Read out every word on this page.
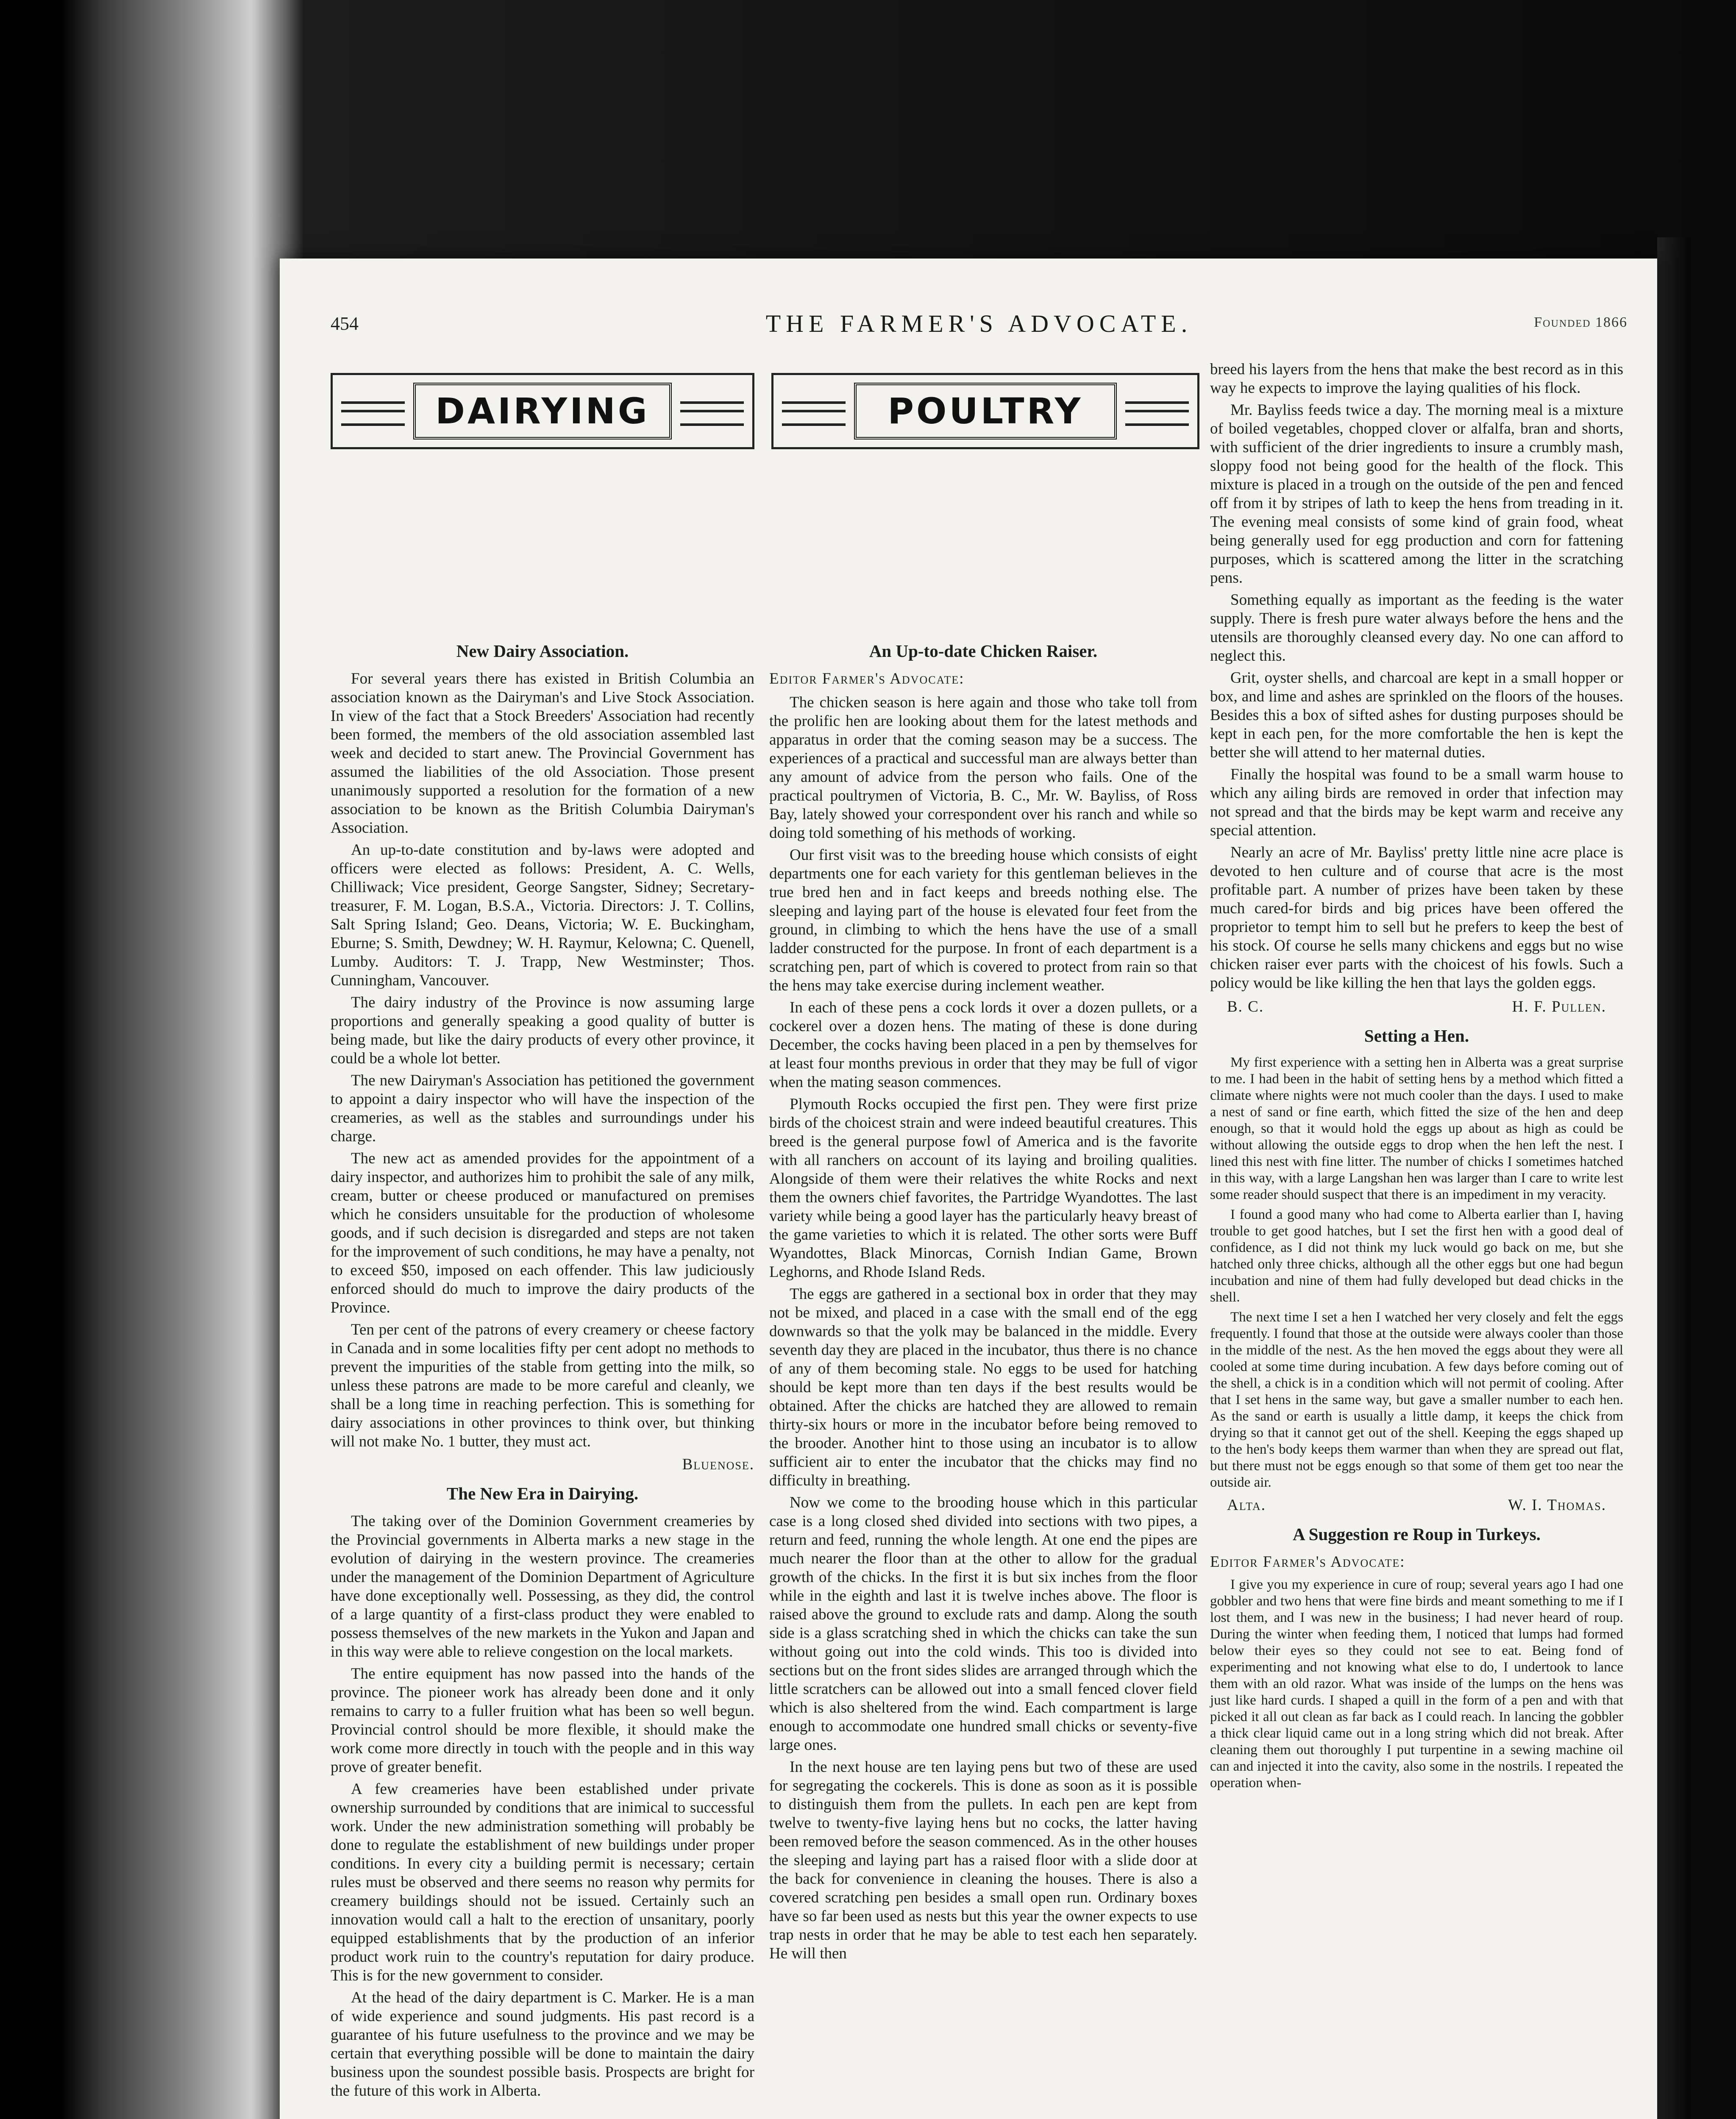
454	THE FARMER'S ADVOCATE.	Founded 1866
DAIRYING	POULTRY
New Dairy Association.

For several years there has existed in British Columbia an association known as the Dairyman's and Live Stock Association. In view of the fact that a Stock Breeders' Association had recently been formed, the members of the old association assembled last week and decided to start anew. The Provincial Government has assumed the liabilities of the old Association. Those present unanimously supported a resolution for the formation of a new association to be known as the British Columbia Dairyman's Association.

An up-to-date constitution and by-laws were adopted and officers were elected as follows: President, A. C. Wells, Chilliwack; Vice president, George Sangster, Sidney; Secretary-treasurer, F. M. Logan, B.S.A., Victoria. Directors: J. T. Collins, Salt Spring Island; Geo. Deans, Victoria; W. E. Buckingham, Eburne; S. Smith, Dewdney; W. H. Raymur, Kelowna; C. Quenell, Lumby. Auditors: T. J. Trapp, New Westminster; Thos. Cunningham, Vancouver.

The dairy industry of the Province is now assuming large proportions and generally speaking a good quality of butter is being made, but like the dairy products of every other province, it could be a whole lot better.

The new Dairyman's Association has petitioned the government to appoint a dairy inspector who will have the inspection of the creameries, as well as the stables and surroundings under his charge.

The new act as amended provides for the appointment of a dairy inspector, and authorizes him to prohibit the sale of any milk, cream, butter or cheese produced or manufactured on premises which he considers unsuitable for the production of wholesome goods, and if such decision is disregarded and steps are not taken for the improvement of such conditions, he may have a penalty, not to exceed $50, imposed on each offender. This law judiciously enforced should do much to improve the dairy products of the Province.

Ten per cent of the patrons of every creamery or cheese factory in Canada and in some localities fifty per cent adopt no methods to prevent the impurities of the stable from getting into the milk, so unless these patrons are made to be more careful and cleanly, we shall be a long time in reaching perfection. This is something for dairy associations in other provinces to think over, but thinking will not make No. 1 butter, they must act.

Bluenose.
The New Era in Dairying.

The taking over of the Dominion Government creameries by the Provincial governments in Alberta marks a new stage in the evolution of dairying in the western province. The creameries under the management of the Dominion Department of Agriculture have done exceptionally well. Possessing, as they did, the control of a large quantity of a first-class product they were enabled to possess themselves of the new markets in the Yukon and Japan and in this way were able to relieve congestion on the local markets.

The entire equipment has now passed into the hands of the province. The pioneer work has already been done and it only remains to carry to a fuller fruition what has been so well begun. Provincial control should be more flexible, it should make the work come more directly in touch with the people and in this way prove of greater benefit.

A few creameries have been established under private ownership surrounded by conditions that are inimical to successful work. Under the new administration something will probably be done to regulate the establishment of new buildings under proper conditions. In every city a building permit is necessary; certain rules must be observed and there seems no reason why permits for creamery buildings should not be issued. Certainly such an innovation would call a halt to the erection of unsanitary, poorly equipped establishments that by the production of an inferior product work ruin to the country's reputation for dairy produce. This is for the new government to consider.

At the head of the dairy department is C. Marker. He is a man of wide experience and sound judgments. His past record is a guarantee of his future usefulness to the province and we may be certain that everything possible will be done to maintain the dairy business upon the soundest possible basis. Prospects are bright for the future of this work in Alberta.

An Up-to-date Chicken Raiser.

Editor Farmer's Advocate:

The chicken season is here again and those who take toll from the prolific hen are looking about them for the latest methods and apparatus in order that the coming season may be a success. The experiences of a practical and successful man are always better than any amount of advice from the person who fails. One of the practical poultrymen of Victoria, B. C., Mr. W. Bayliss, of Ross Bay, lately showed your correspondent over his ranch and while so doing told something of his methods of working.

Our first visit was to the breeding house which consists of eight departments one for each variety for this gentleman believes in the true bred hen and in fact keeps and breeds nothing else. The sleeping and laying part of the house is elevated four feet from the ground, in climbing to which the hens have the use of a small ladder constructed for the purpose. In front of each department is a scratching pen, part of which is covered to protect from rain so that the hens may take exercise during inclement weather.

In each of these pens a cock lords it over a dozen pullets, or a cockerel over a dozen hens. The mating of these is done during December, the cocks having been placed in a pen by themselves for at least four months previous in order that they may be full of vigor when the mating season commences.

Plymouth Rocks occupied the first pen. They were first prize birds of the choicest strain and were indeed beautiful creatures. This breed is the general purpose fowl of America and is the favorite with all ranchers on account of its laying and broiling qualities. Alongside of them were their relatives the white Rocks and next them the owners chief favorites, the Partridge Wyandottes. The last variety while being a good layer has the particularly heavy breast of the game varieties to which it is related. The other sorts were Buff Wyandottes, Black Minorcas, Cornish Indian Game, Brown Leghorns, and Rhode Island Reds.

The eggs are gathered in a sectional box in order that they may not be mixed, and placed in a case with the small end of the egg downwards so that the yolk may be balanced in the middle. Every seventh day they are placed in the incubator, thus there is no chance of any of them becoming stale. No eggs to be used for hatching should be kept more than ten days if the best results would be obtained. After the chicks are hatched they are allowed to remain thirty-six hours or more in the incubator before being removed to the brooder. Another hint to those using an incubator is to allow sufficient air to enter the incubator that the chicks may find no difficulty in breathing.

Now we come to the brooding house which in this particular case is a long closed shed divided into sections with two pipes, a return and feed, running the whole length. At one end the pipes are much nearer the floor than at the other to allow for the gradual growth of the chicks. In the first it is but six inches from the floor while in the eighth and last it is twelve inches above. The floor is raised above the ground to exclude rats and damp. Along the south side is a glass scratching shed in which the chicks can take the sun without going out into the cold winds. This too is divided into sections but on the front sides slides are arranged through which the little scratchers can be allowed out into a small fenced clover field which is also sheltered from the wind. Each compartment is large enough to accommodate one hundred small chicks or seventy-five large ones.

In the next house are ten laying pens but two of these are used for segregating the cockerels. This is done as soon as it is possible to distinguish them from the pullets. In each pen are kept from twelve to twenty-five laying hens but no cocks, the latter having been removed before the season commenced. As in the other houses the sleeping and laying part has a raised floor with a slide door at the back for convenience in cleaning the houses. There is also a covered scratching pen besides a small open run. Ordinary boxes have so far been used as nests but this year the owner expects to use trap nests in order that he may be able to test each hen separately. He will then

breed his layers from the hens that make the best record as in this way he expects to improve the laying qualities of his flock.

Mr. Bayliss feeds twice a day. The morning meal is a mixture of boiled vegetables, chopped clover or alfalfa, bran and shorts, with sufficient of the drier ingredients to insure a crumbly mash, sloppy food not being good for the health of the flock. This mixture is placed in a trough on the outside of the pen and fenced off from it by stripes of lath to keep the hens from treading in it. The evening meal consists of some kind of grain food, wheat being generally used for egg production and corn for fattening purposes, which is scattered among the litter in the scratching pens.

Something equally as important as the feeding is the water supply. There is fresh pure water always before the hens and the utensils are thoroughly cleansed every day. No one can afford to neglect this.

Grit, oyster shells, and charcoal are kept in a small hopper or box, and lime and ashes are sprinkled on the floors of the houses. Besides this a box of sifted ashes for dusting purposes should be kept in each pen, for the more comfortable the hen is kept the better she will attend to her maternal duties.

Finally the hospital was found to be a small warm house to which any ailing birds are removed in order that infection may not spread and that the birds may be kept warm and receive any special attention.

Nearly an acre of Mr. Bayliss' pretty little nine acre place is devoted to hen culture and of course that acre is the most profitable part. A number of prizes have been taken by these much cared-for birds and big prices have been offered the proprietor to tempt him to sell but he prefers to keep the best of his stock. Of course he sells many chickens and eggs but no wise chicken raiser ever parts with the choicest of his fowls. Such a policy would be like killing the hen that lays the golden eggs.

B. C.	H. F. Pullen.
Setting a Hen.

My first experience with a setting hen in Alberta was a great surprise to me. I had been in the habit of setting hens by a method which fitted a climate where nights were not much cooler than the days. I used to make a nest of sand or fine earth, which fitted the size of the hen and deep enough, so that it would hold the eggs up about as high as could be without allowing the outside eggs to drop when the hen left the nest. I lined this nest with fine litter. The number of chicks I sometimes hatched in this way, with a large Langshan hen was larger than I care to write lest some reader should suspect that there is an impediment in my veracity.

I found a good many who had come to Alberta earlier than I, having trouble to get good hatches, but I set the first hen with a good deal of confidence, as I did not think my luck would go back on me, but she hatched only three chicks, although all the other eggs but one had begun incubation and nine of them had fully developed but dead chicks in the shell.

The next time I set a hen I watched her very closely and felt the eggs frequently. I found that those at the outside were always cooler than those in the middle of the nest. As the hen moved the eggs about they were all cooled at some time during incubation. A few days before coming out of the shell, a chick is in a condition which will not permit of cooling. After that I set hens in the same way, but gave a smaller number to each hen. As the sand or earth is usually a little damp, it keeps the chick from drying so that it cannot get out of the shell. Keeping the eggs shaped up to the hen's body keeps them warmer than when they are spread out flat, but there must not be eggs enough so that some of them get too near the outside air.

Alta.	W. I. Thomas.
A Suggestion re Roup in Turkeys.

Editor Farmer's Advocate:

I give you my experience in cure of roup; several years ago I had one gobbler and two hens that were fine birds and meant something to me if I lost them, and I was new in the business; I had never heard of roup. During the winter when feeding them, I noticed that lumps had formed below their eyes so they could not see to eat. Being fond of experimenting and not knowing what else to do, I undertook to lance them with an old razor. What was inside of the lumps on the hens was just like hard curds. I shaped a quill in the form of a pen and with that picked it all out clean as far back as I could reach. In lancing the gobbler a thick clear liquid came out in a long string which did not break. After cleaning them out thoroughly I put turpentine in a sewing machine oil can and injected it into the cavity, also some in the nostrils. I repeated the operation when-
